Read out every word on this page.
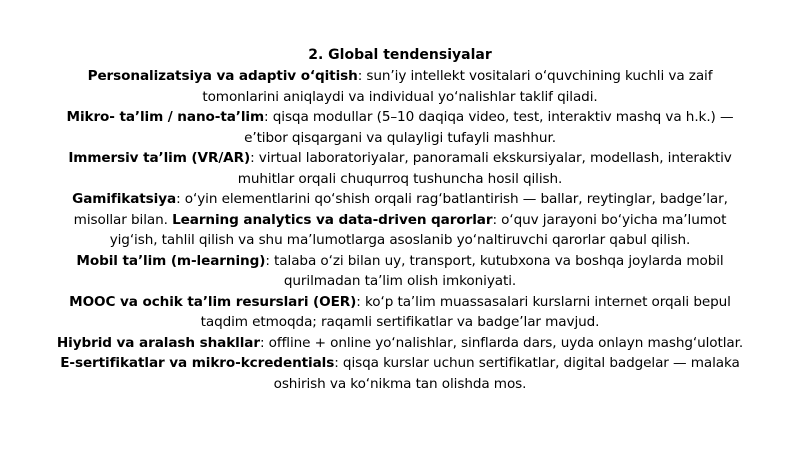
2. Global tendensiyalar

Personalizatsiya va adaptiv o‘qitish: sun’iy intellekt vositalari o‘quvchining kuchli va zaif tomonlarini aniqlaydi va individual yo‘nalishlar taklif qiladi.

Mikro- ta’lim / nano-ta’lim: qisqa modullar (5–10 daqiqa video, test, interaktiv mashq va h.k.) — e’tibor qisqargani va qulayligi tufayli mashhur.

Immersiv ta’lim (VR/AR): virtual laboratoriyalar, panoramali ekskursiyalar, modellash, interaktiv muhitlar orqali chuqurroq tushuncha hosil qilish.

Gamifikatsiya: o‘yin elementlarini qo‘shish orqali rag‘batlantirish — ballar, reytinglar, badge’lar, misollar bilan. Learning analytics va data-driven qarorlar: o‘quv jarayoni bo‘yicha ma’lumot yig‘ish, tahlil qilish va shu ma’lumotlarga asoslanib yo‘naltiruvchi qarorlar qabul qilish.

Mobil ta’lim (m-learning): talaba o‘zi bilan uy, transport, kutubxona va boshqa joylarda mobil qurilmadan ta’lim olish imkoniyati.

MOOC va ochik ta’lim resurslari (OER): ko‘p ta’lim muassasalari kurslarni internet orqali bepul taqdim etmoqda; raqamli sertifikatlar va badge’lar mavjud.

Hiybrid va aralash shakllar: offline + online yo‘nalishlar, sinflarda dars, uyda onlayn mashg‘ulotlar.

E-sertifikatlar va mikro-kcredentials: qisqa kurslar uchun sertifikatlar, digital badgelar — malaka oshirish va ko‘nikma tan olishda mos.
